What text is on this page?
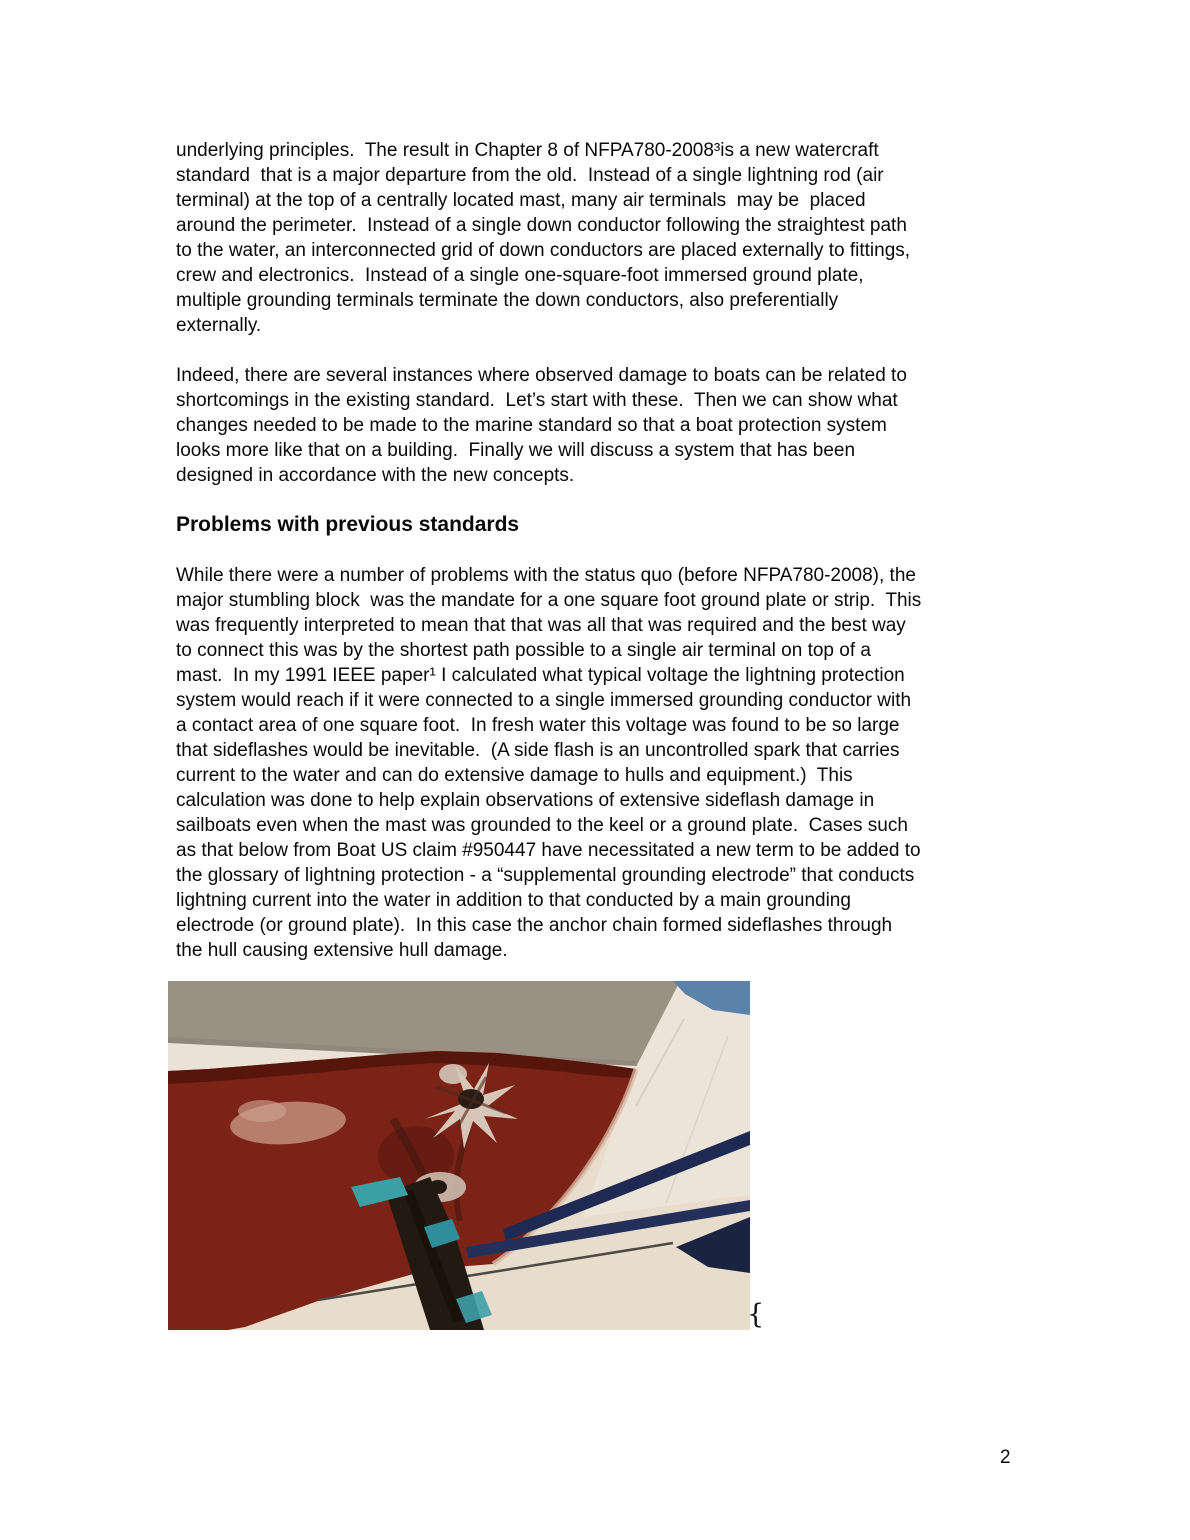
underlying principles.  The result in Chapter 8 of NFPA780-2008³is a new watercraft
standard  that is a major departure from the old.  Instead of a single lightning rod (air
terminal) at the top of a centrally located mast, many air terminals  may be  placed
around the perimeter.  Instead of a single down conductor following the straightest path
to the water, an interconnected grid of down conductors are placed externally to fittings,
crew and electronics.  Instead of a single one-square-foot immersed ground plate,
multiple grounding terminals terminate the down conductors, also preferentially
externally.
Indeed, there are several instances where observed damage to boats can be related to
shortcomings in the existing standard.  Let’s start with these.  Then we can show what
changes needed to be made to the marine standard so that a boat protection system
looks more like that on a building.  Finally we will discuss a system that has been
designed in accordance with the new concepts.
Problems with previous standards
While there were a number of problems with the status quo (before NFPA780-2008), the
major stumbling block  was the mandate for a one square foot ground plate or strip.  This
was frequently interpreted to mean that that was all that was required and the best way
to connect this was by the shortest path possible to a single air terminal on top of a
mast.  In my 1991 IEEE paper¹ I calculated what typical voltage the lightning protection
system would reach if it were connected to a single immersed grounding conductor with
a contact area of one square foot.  In fresh water this voltage was found to be so large
that sideflashes would be inevitable.  (A side flash is an uncontrolled spark that carries
current to the water and can do extensive damage to hulls and equipment.)  This
calculation was done to help explain observations of extensive sideflash damage in
sailboats even when the mast was grounded to the keel or a ground plate.  Cases such
as that below from Boat US claim #950447 have necessitated a new term to be added to
the glossary of lightning protection - a “supplemental grounding electrode” that conducts
lightning current into the water in addition to that conducted by a main grounding
electrode (or ground plate).  In this case the anchor chain formed sideflashes through
the hull causing extensive hull damage.
{
2
